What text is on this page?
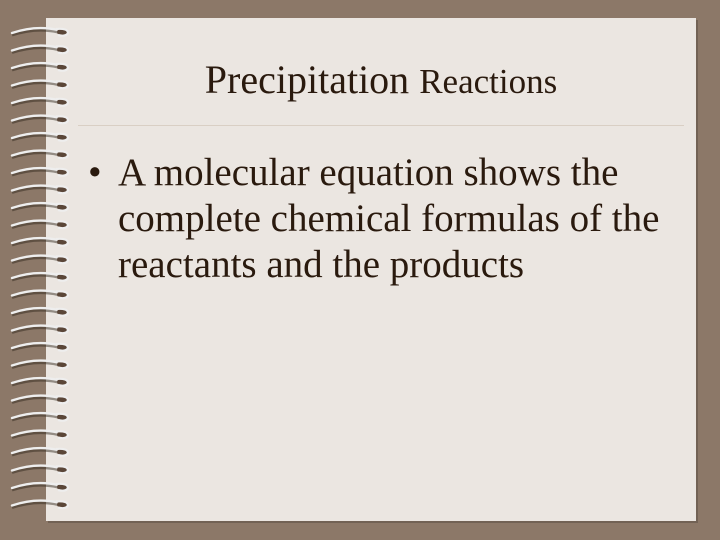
Precipitation Reactions
• A molecular equation shows the complete chemical formulas of the reactants and the products
